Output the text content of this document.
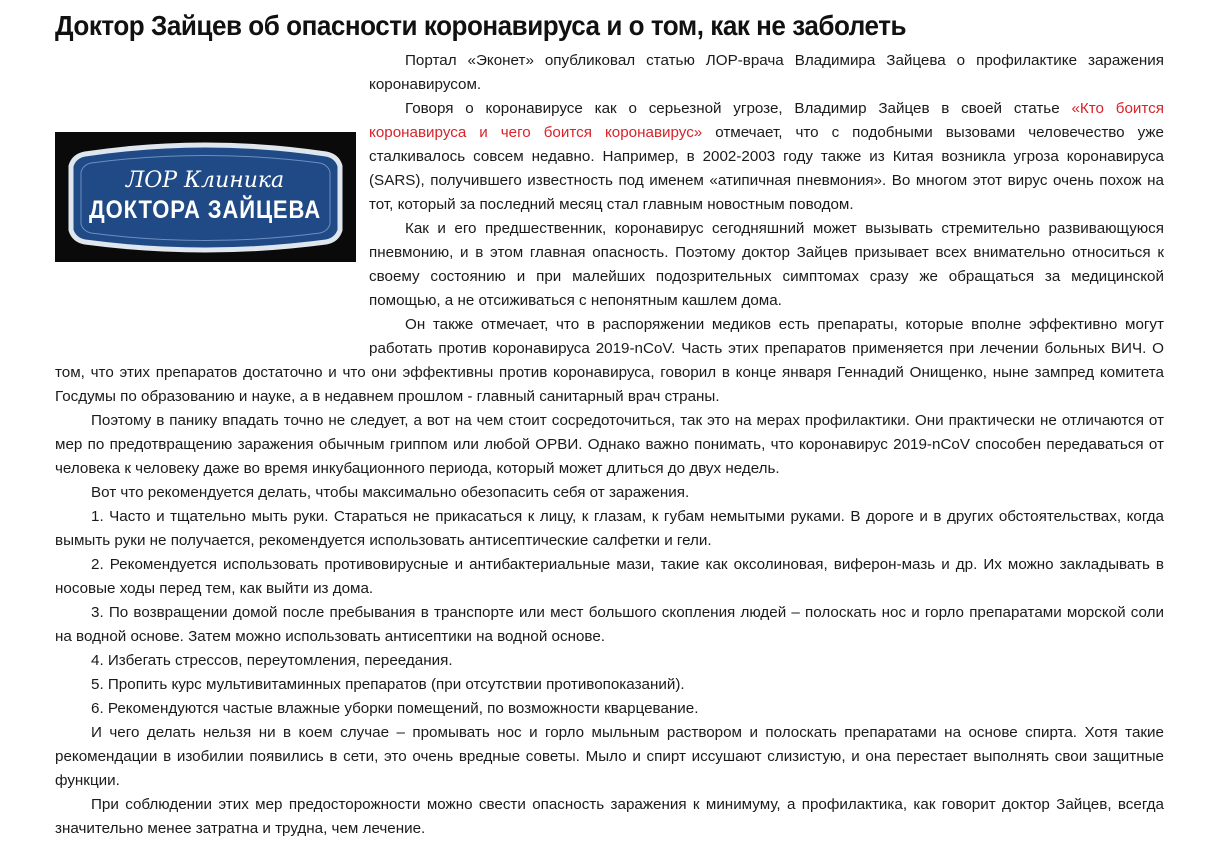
Доктор Зайцев об опасности коронавируса и о том, как не заболеть
ЛОР Клиника
ДОКТОРА ЗАЙЦЕВА

Портал «Эконет» опубликовал статью ЛОР-врача Владимира Зайцева о профилактике заражения коронавирусом.

Говоря о коронавирусе как о серьезной угрозе, Владимир Зайцев в своей статье «Кто боится коронавируса и чего боится коронавирус» отмечает, что с подобными вызовами человечество уже сталкивалось совсем недавно. Например, в 2002-2003 году также из Китая возникла угроза коронавируса (SARS), получившего известность под именем «атипичная пневмония». Во многом этот вирус очень похож на тот, который за последний месяц стал главным новостным поводом.

Как и его предшественник, коронавирус сегодняшний может вызывать стремительно развивающуюся пневмонию, и в этом главная опасность. Поэтому доктор Зайцев призывает всех внимательно относиться к своему состоянию и при малейших подозрительных симптомах сразу же обращаться за медицинской помощью, а не отсиживаться с непонятным кашлем дома.

Он также отмечает, что в распоряжении медиков есть препараты, которые вполне эффективно могут работать против коронавируса 2019-nCoV. Часть этих препаратов применяется при лечении больных ВИЧ. О том, что этих препаратов достаточно и что они эффективны против коронавируса, говорил в конце января Геннадий Онищенко, ныне зампред комитета Госдумы по образованию и науке, а в недавнем прошлом - главный санитарный врач страны.

Поэтому в панику впадать точно не следует, а вот на чем стоит сосредоточиться, так это на мерах профилактики. Они практически не отличаются от мер по предотвращению заражения обычным гриппом или любой ОРВИ. Однако важно понимать, что коронавирус 2019-nCoV способен передаваться от человека к человеку даже во время инкубационного периода, который может длиться до двух недель.

Вот что рекомендуется делать, чтобы максимально обезопасить себя от заражения.

1. Часто и тщательно мыть руки. Стараться не прикасаться к лицу, к глазам, к губам немытыми руками. В дороге и в других обстоятельствах, когда вымыть руки не получается, рекомендуется использовать антисептические салфетки и гели.

2. Рекомендуется использовать противовирусные и антибактериальные мази, такие как оксолиновая, виферон-мазь и др. Их можно закладывать в носовые ходы перед тем, как выйти из дома.

3. По возвращении домой после пребывания в транспорте или мест большого скопления людей – полоскать нос и горло препаратами морской соли на водной основе. Затем можно использовать антисептики на водной основе.

4. Избегать стрессов, переутомления, переедания.

5. Пропить курс мультивитаминных препаратов (при отсутствии противопоказаний).

6. Рекомендуются частые влажные уборки помещений, по возможности кварцевание.

И чего делать нельзя ни в коем случае – промывать нос и горло мыльным раствором и полоскать препаратами на основе спирта. Хотя такие рекомендации в изобилии появились в сети, это очень вредные советы. Мыло и спирт иссушают слизистую, и она перестает выполнять свои защитные функции.

При соблюдении этих мер предосторожности можно свести опасность заражения к минимуму, а профилактика, как говорит доктор Зайцев, всегда значительно менее затратна и трудна, чем лечение.
